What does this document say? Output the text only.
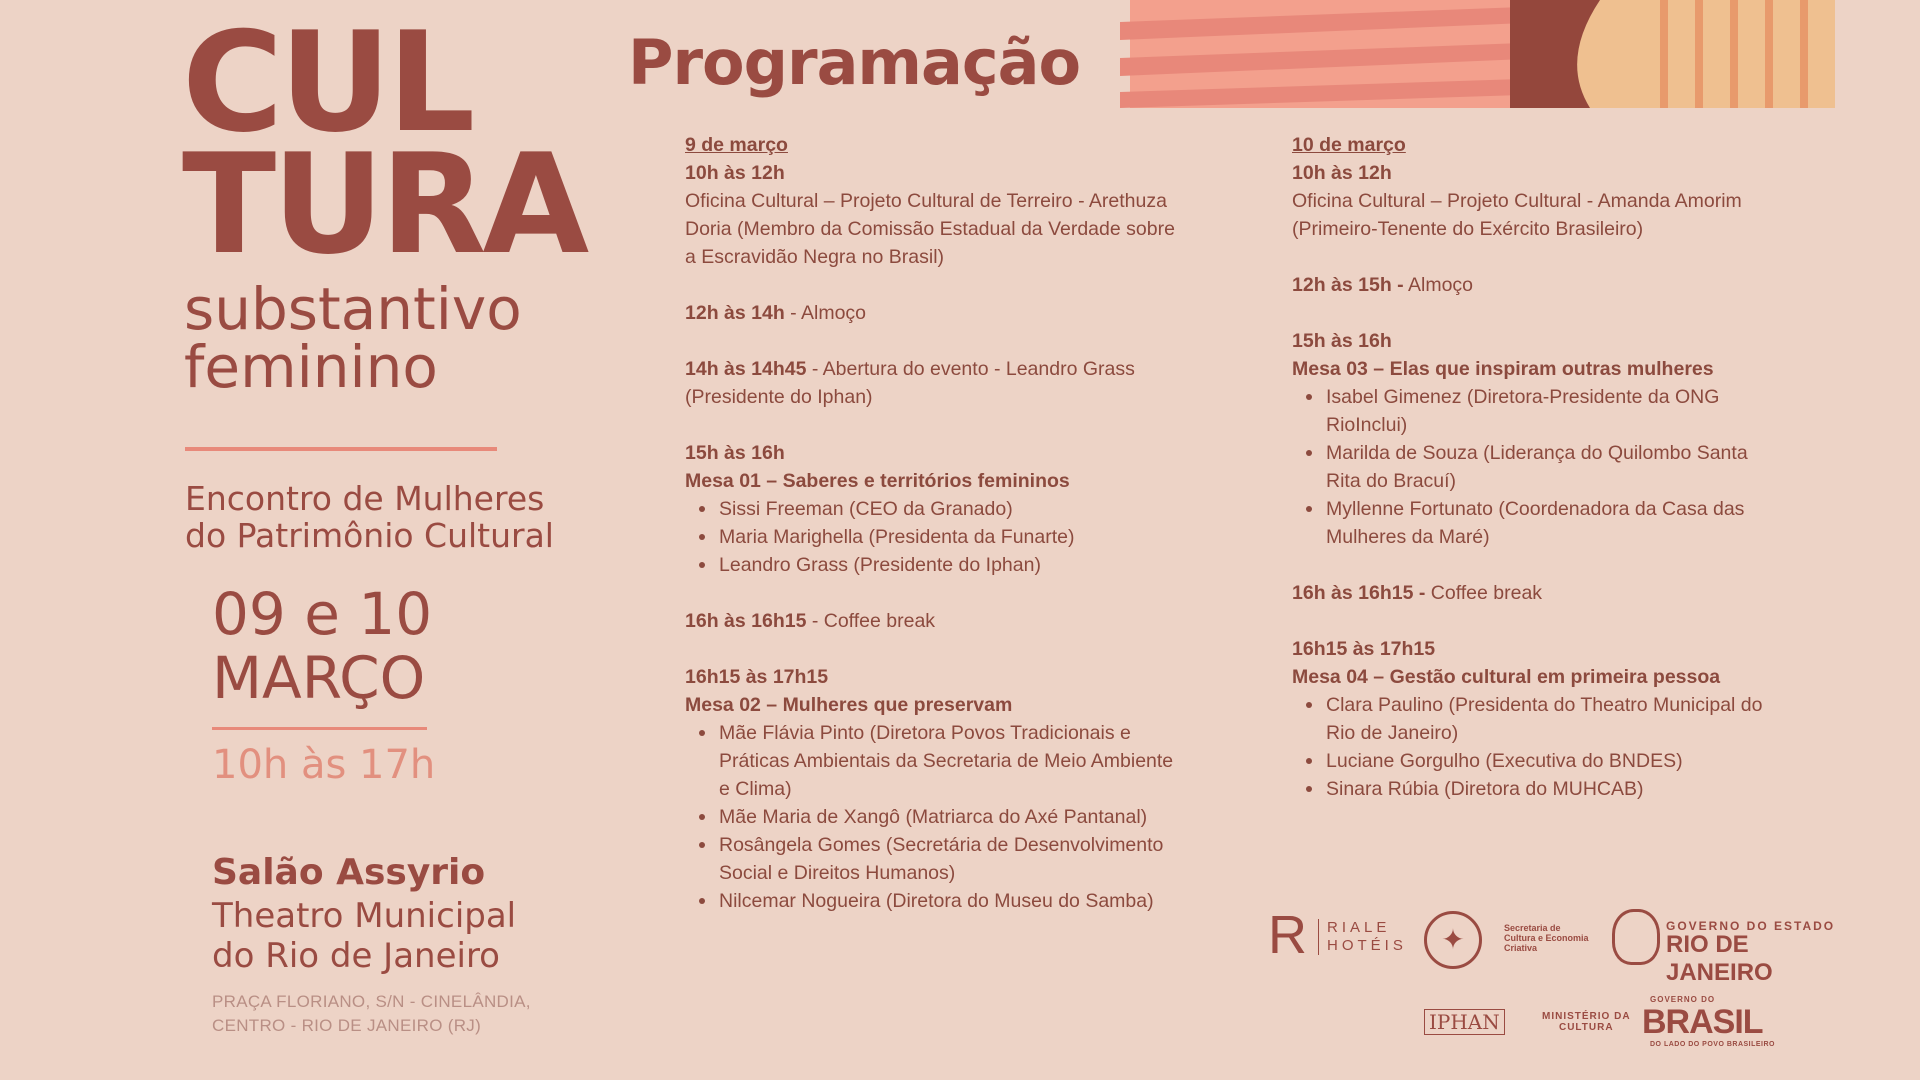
CUL
TURA
substantivo
feminino
Encontro de Mulheres
do Patrimônio Cultural
09 e 10
MARÇO
10h às 17h
Salão Assyrio
Theatro Municipal
do Rio de Janeiro
PRAÇA FLORIANO, S/N - CINELÂNDIA,
CENTRO - RIO DE JANEIRO (RJ)
Programação
9 de março
10h às 12h
Oficina Cultural – Projeto Cultural de Terreiro - Arethuza Doria (Membro da Comissão Estadual da Verdade sobre a Escravidão Negra no Brasil)
12h às 14h - Almoço
14h às 14h45 - Abertura do evento - Leandro Grass (Presidente do Iphan)
15h às 16h
Mesa 01 – Saberes e territórios femininos
Sissi Freeman (CEO da Granado)
Maria Marighella (Presidenta da Funarte)
Leandro Grass (Presidente do Iphan)
16h às 16h15 - Coffee break
16h15 às 17h15
Mesa 02 – Mulheres que preservam
Mãe Flávia Pinto (Diretora Povos Tradicionais e Práticas Ambientais da Secretaria de Meio Ambiente e Clima)
Mãe Maria de Xangô (Matriarca do Axé Pantanal)
Rosângela Gomes (Secretária de Desenvolvimento Social e Direitos Humanos)
Nilcemar Nogueira (Diretora do Museu do Samba)
10 de março
10h às 12h
Oficina Cultural – Projeto Cultural - Amanda Amorim (Primeiro-Tenente do Exército Brasileiro)
12h às 15h - Almoço
15h às 16h
Mesa 03 – Elas que inspiram outras mulheres
Isabel Gimenez (Diretora-Presidente da ONG RioInclui)
Marilda de Souza (Liderança do Quilombo Santa Rita do Bracuí)
Myllenne Fortunato (Coordenadora da Casa das Mulheres da Maré)
16h às 16h15 - Coffee break
16h15 às 17h15
Mesa 04 – Gestão cultural em primeira pessoa
Clara Paulino (Presidenta do Theatro Municipal do Rio de Janeiro)
Luciane Gorgulho (Executiva do BNDES)
Sinara Rúbia (Diretora do MUHCAB)
R RIALE
HOTÉIS	✦	Secretaria de
Cultura e Economia
Criativa
GOVERNO DO ESTADO
RIO DE JANEIRO
IPHAN	MINISTÉRIO DA
CULTURA
GOVERNO DO
BRASIL
DO LADO DO POVO BRASILEIRO
